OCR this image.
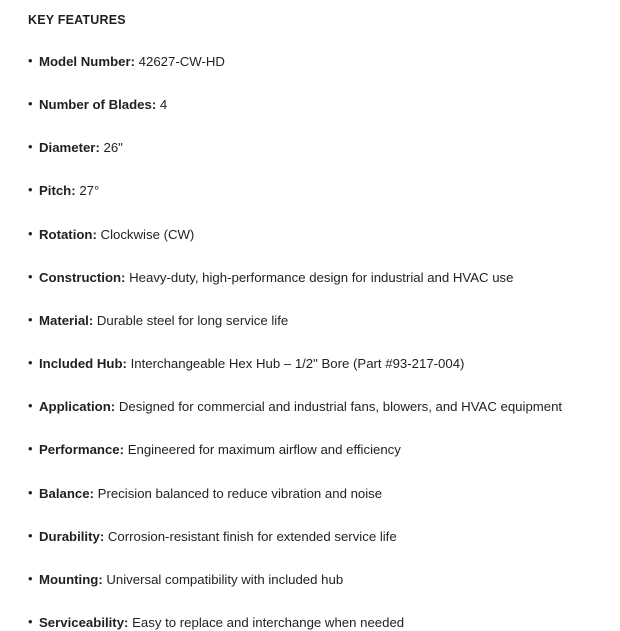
KEY FEATURES
• Model Number: 42627-CW-HD
• Number of Blades: 4
• Diameter: 26"
• Pitch: 27°
• Rotation: Clockwise (CW)
• Construction: Heavy-duty, high-performance design for industrial and HVAC use
• Material: Durable steel for long service life
• Included Hub: Interchangeable Hex Hub – 1/2" Bore (Part #93-217-004)
• Application: Designed for commercial and industrial fans, blowers, and HVAC equipment
• Performance: Engineered for maximum airflow and efficiency
• Balance: Precision balanced to reduce vibration and noise
• Durability: Corrosion-resistant finish for extended service life
• Mounting: Universal compatibility with included hub
• Serviceability: Easy to replace and interchange when needed
